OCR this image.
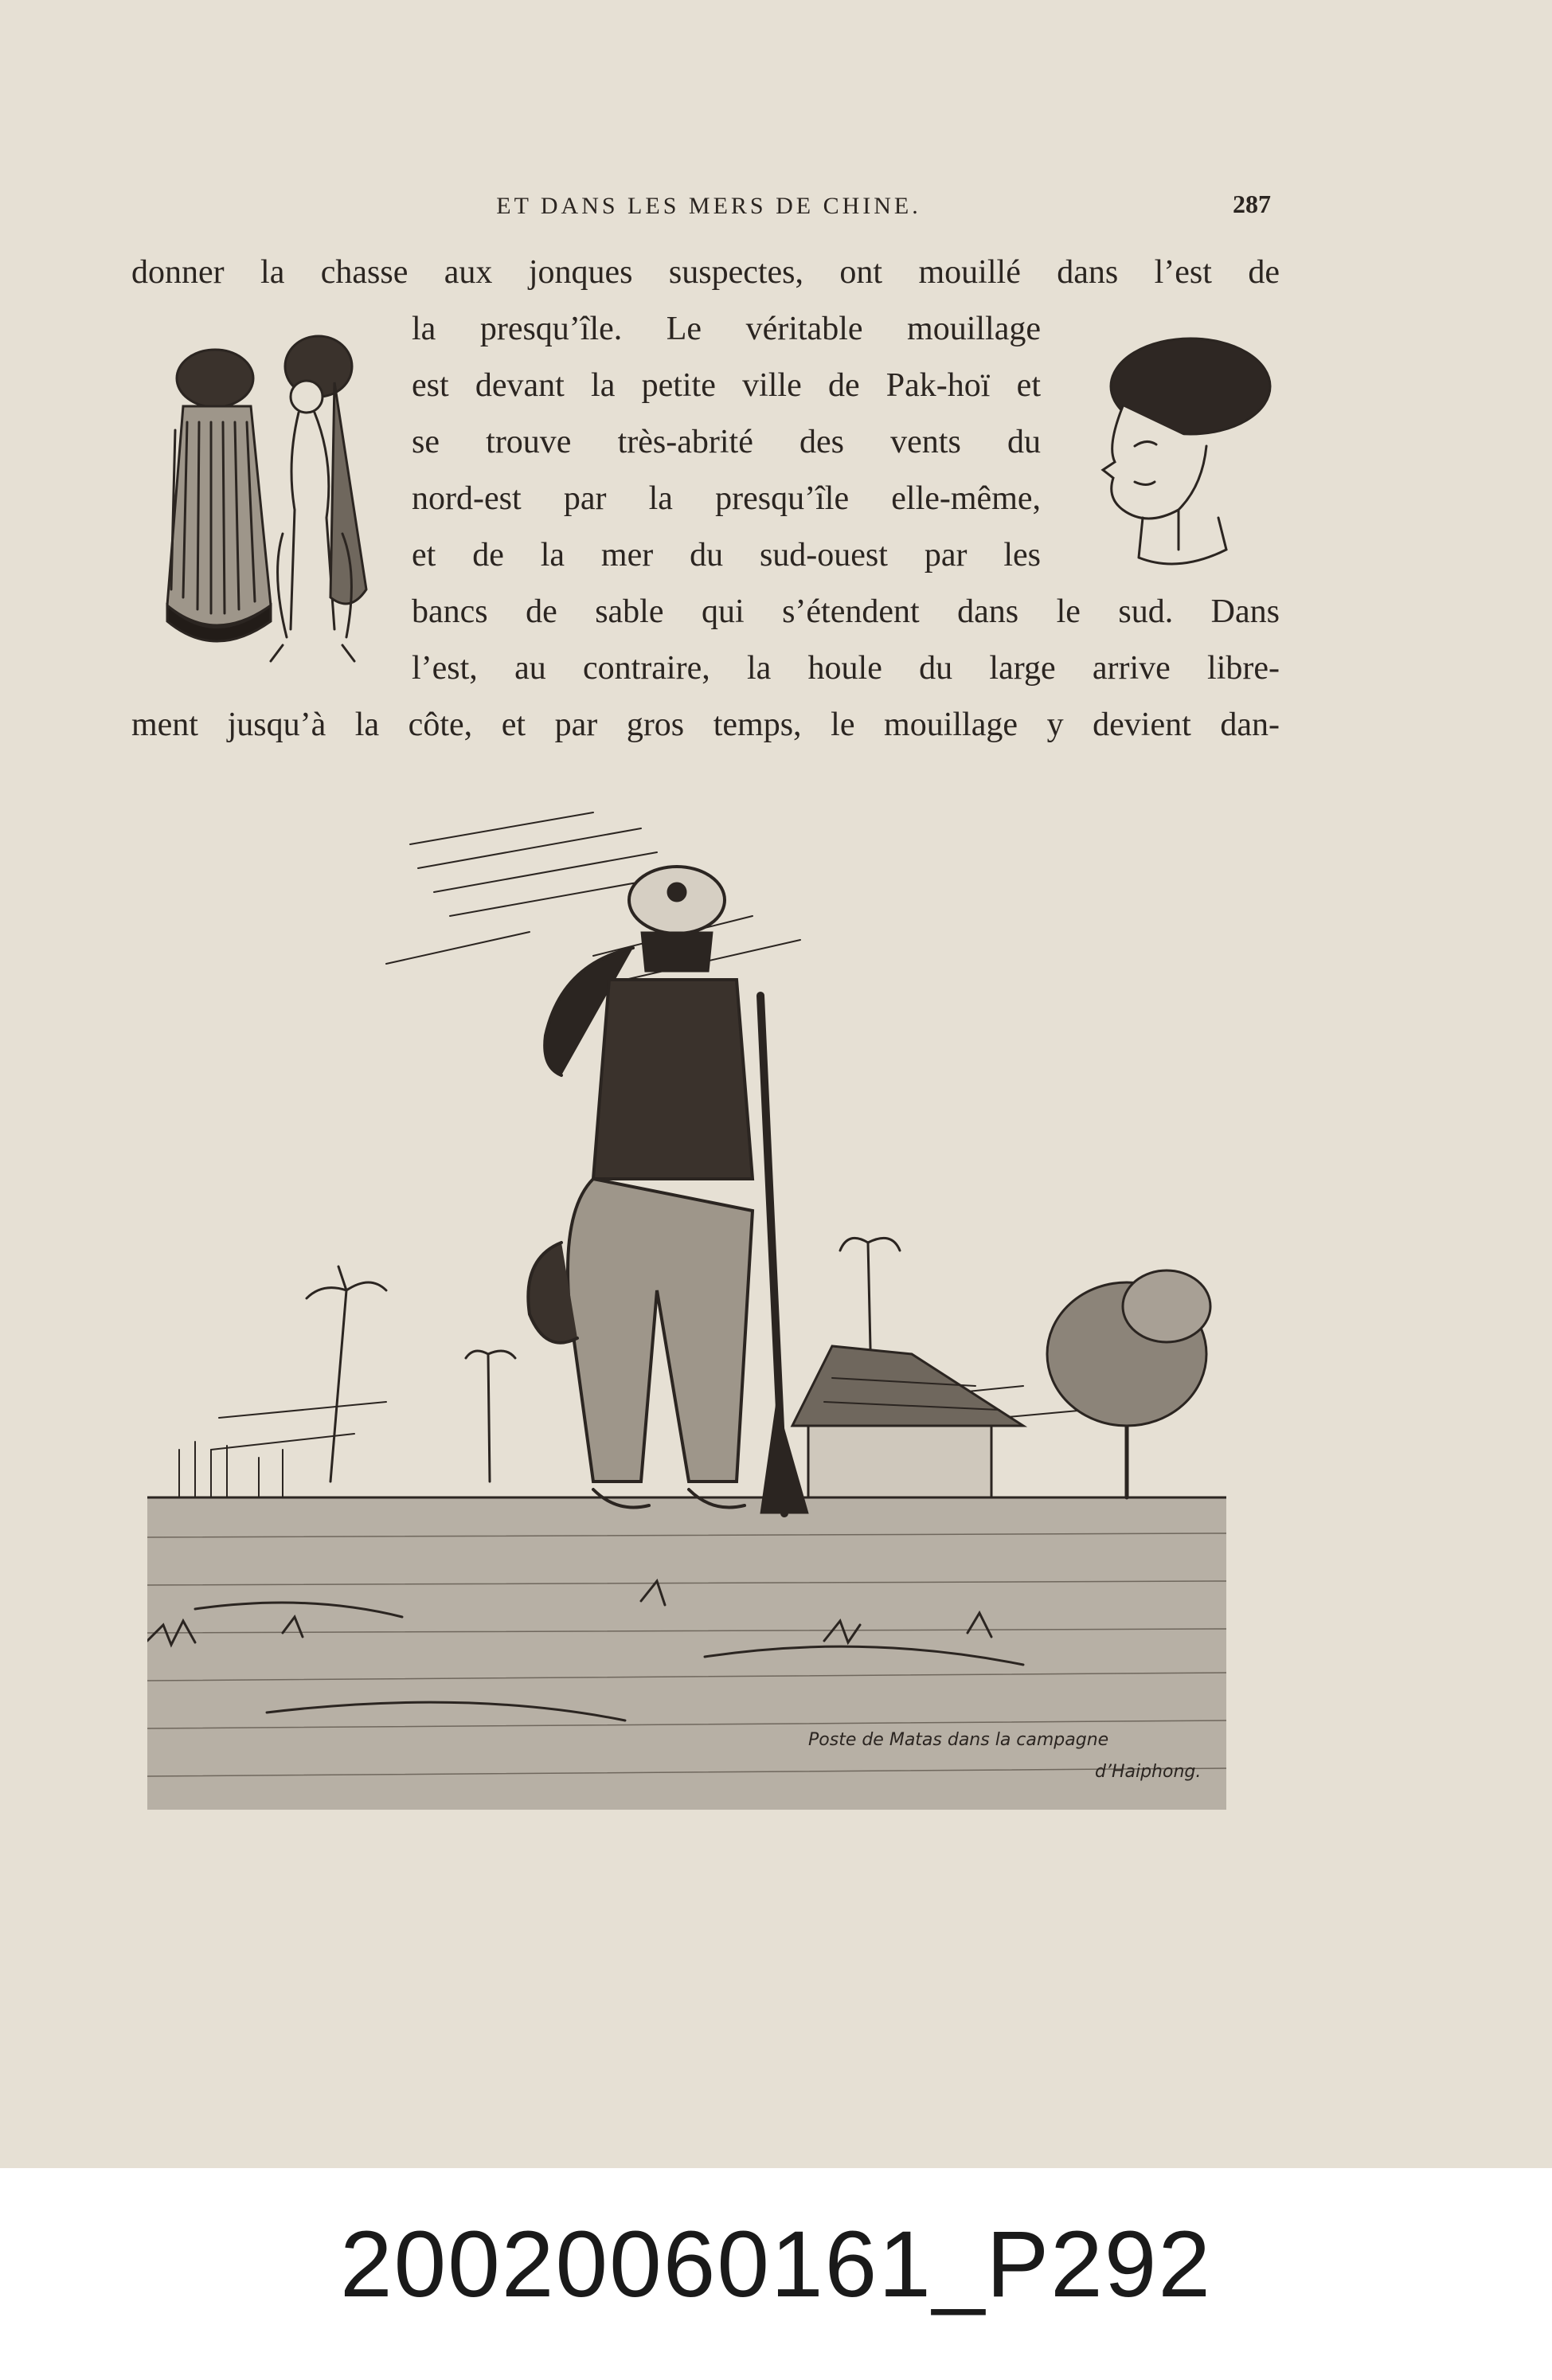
ET DANS LES MERS DE CHINE.	287
donner la chasse aux jonques suspectes, ont mouillé dans l’est de
la presqu’île. Le véritable mouillage
est devant la petite ville de Pak-hoï et
se trouve très-abrité des vents du
nord-est par la presqu’île elle-même,
et de la mer du sud-ouest par les
bancs de sable qui s’étendent dans le sud. Dans
l’est, au contraire, la houle du large arrive libre-
ment jusqu’à la côte, et par gros temps, le mouillage y devient dan-
Poste de Matas dans la campagne
d’Haiphong.
20020060161_P292
